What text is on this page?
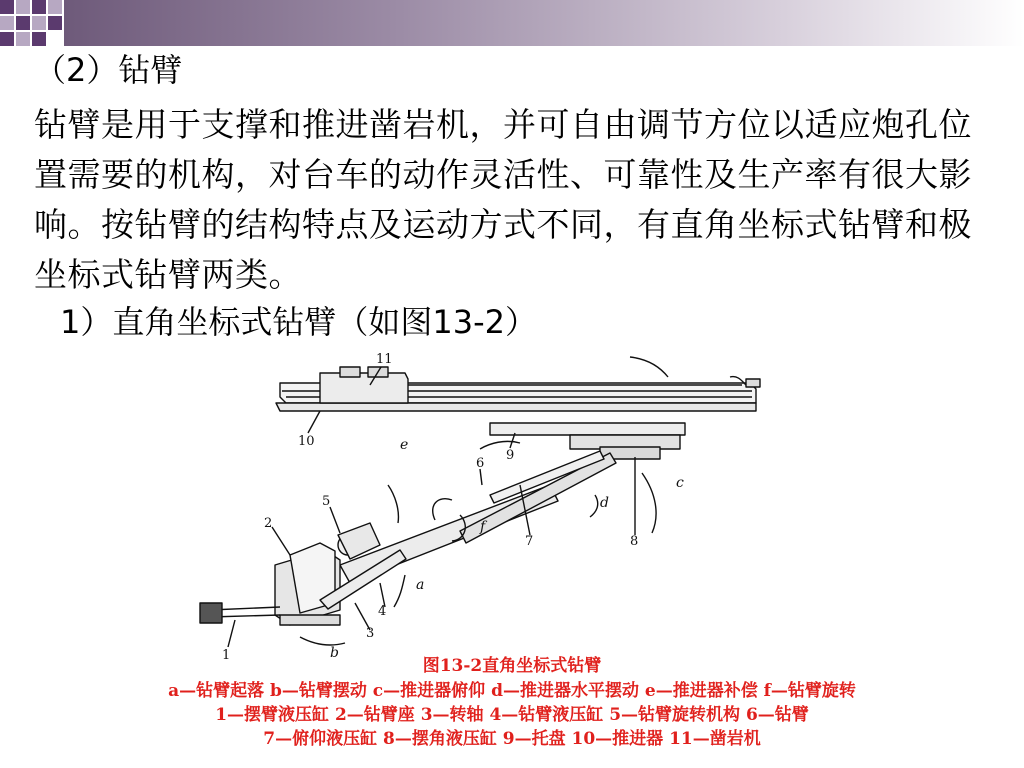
（2）钻臂
钻臂是用于支撑和推进凿岩机，并可自由调节方位以适应炮孔位置需要的机构，对台车的动作灵活性、可靠性及生产率有很大影响。按钻臂的结构特点及运动方式不同，有直角坐标式钻臂和极坐标式钻臂两类。
1）直角坐标式钻臂（如图13-2）
11
10
9
6
8
7
5
2
4
3
1
e
c
d
f
a
b
图13-2直角坐标式钻臂
a—钻臂起落 b—钻臂摆动 c—推进器俯仰 d—推进器水平摆动 e—推进器补偿 f—钻臂旋转
1—摆臂液压缸 2—钻臂座 3—转轴 4—钻臂液压缸 5—钻臂旋转机构 6—钻臂
7—俯仰液压缸 8—摆角液压缸 9—托盘 10—推进器 11—凿岩机
